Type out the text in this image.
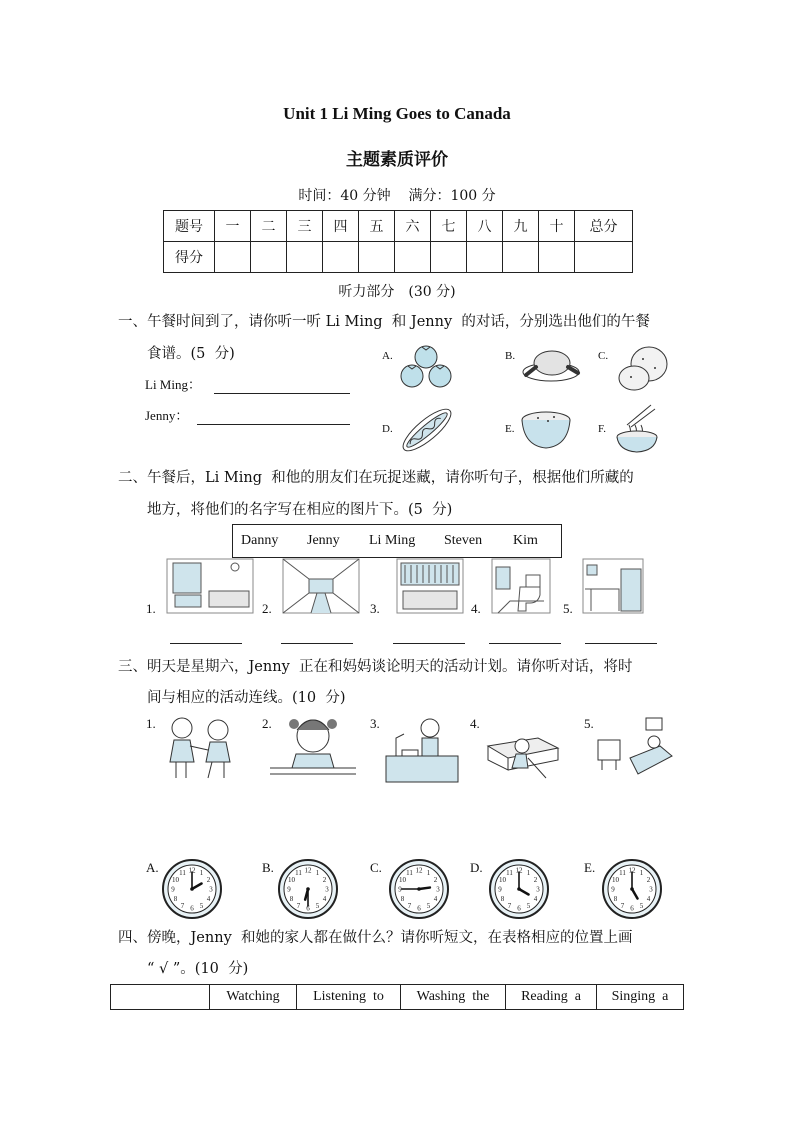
Unit 1 Li Ming Goes to Canada
主题素质评价
时间：40 分钟    满分：100 分
题号	一	二	三	四	五	六	七	八	九	十	总分
得分											
听力部分　(30 分)
一、午餐时间到了，请你听一听 Li Ming  和 Jenny  的对话，分别选出他们的午餐
食谱。(5  分)
Li Ming：
Jenny：
A.	B.	C.
D.	E.	F.
二、午餐后，Li Ming  和他的朋友们在玩捉迷藏，请你听句子，根据他们所藏的
地方，将他们的名字写在相应的图片下。(5  分)
Danny Jenny Li Ming Steven Kim
1.	2.	3.	4.	5.
三、明天是星期六，Jenny  正在和妈妈谈论明天的活动计划。请你听对话，将时
间与相应的活动连线。(10  分)
1.	2.	3.	4.	5.
A.	B.	C.	D.	E.
1
2
3
4
5
6
7
8
9
10
11 12	1
2
3
4
5
6
7
8
9
10
11 12	1
2
3
4
5
6
7
8
9
10
11 12	1
2
3
4
5
6
7
8
9
10
11 12	1
2
3
4
5
6
7
8
9
10
11 12
四、傍晚，Jenny  和她的家人都在做什么？请你听短文，在表格相应的位置上画
“ √ ”。(10  分)
	Watching	Listening  to	Washing  the	Reading  a	Singing  a
